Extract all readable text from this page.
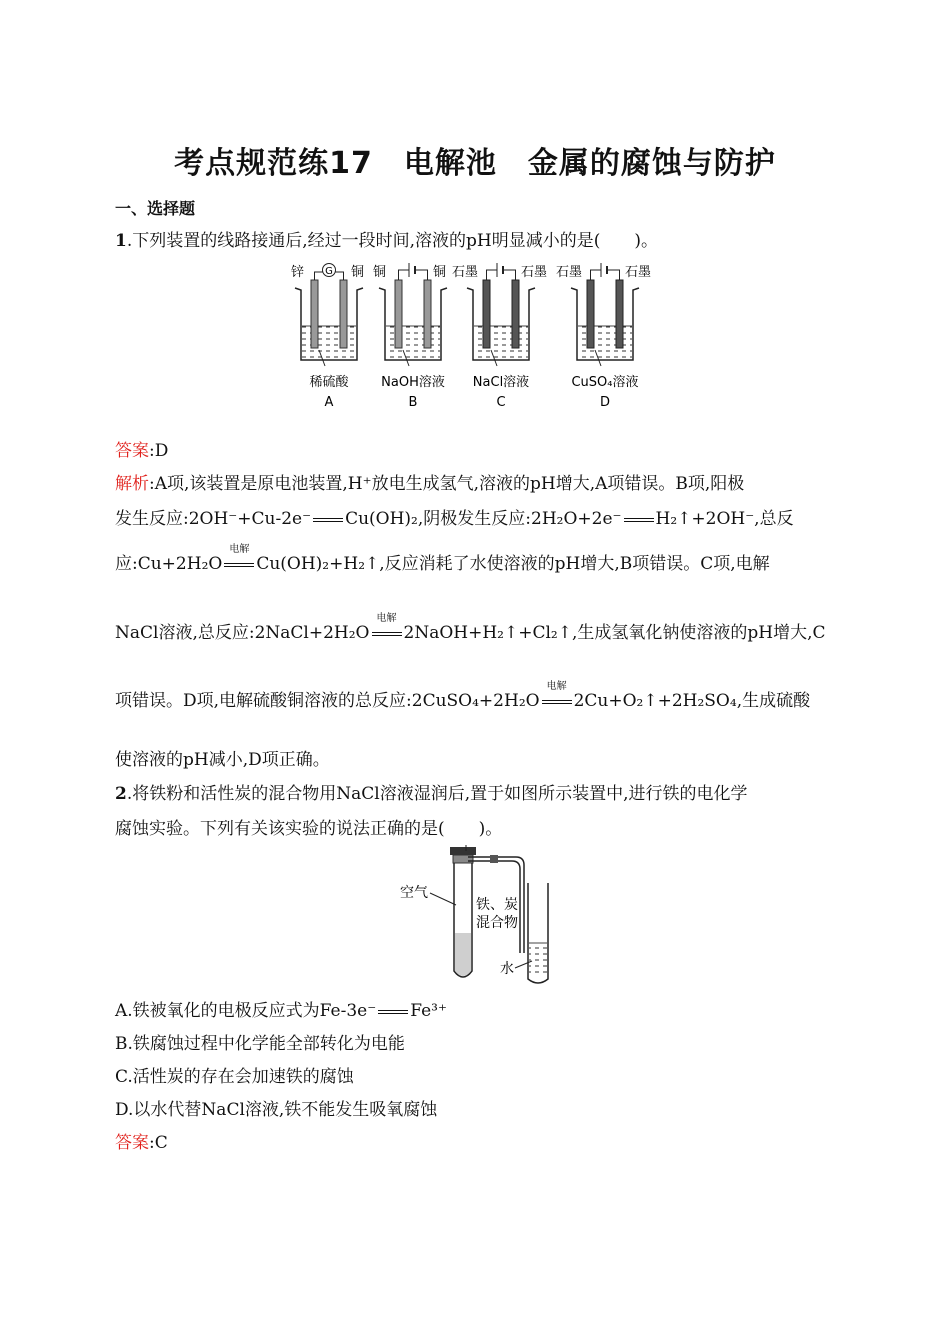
考点规范练17　电解池　金属的腐蚀与防护
一、选择题
1.下列装置的线路接通后,经过一段时间,溶液的pH明显减小的是(　　)。
G
锌	铜
稀硫酸
A
铜	铜
NaOH溶液
B
石墨	石墨
NaCl溶液
C
石墨	石墨
CuSO₄溶液
D
答案:D
解析:A项,该装置是原电池装置,H⁺放电生成氢气,溶液的pH增大,A项错误。B项,阳极
发生反应:2OH⁻+Cu-2e⁻ Cu(OH)₂,阴极发生反应:2H₂O+2e⁻ H₂↑+2OH⁻,总反
应:Cu+2H₂O
电解
Cu(OH)₂+H₂↑,反应消耗了水使溶液的pH增大,B项错误。C项,电解
NaCl溶液,总反应:2NaCl+2H₂O
电解
2NaOH+H₂↑+Cl₂↑,生成氢氧化钠使溶液的pH增大,C
项错误。D项,电解硫酸铜溶液的总反应:2CuSO₄+2H₂O
电解
2Cu+O₂↑+2H₂SO₄,生成硫酸
使溶液的pH减小,D项正确。
2.将铁粉和活性炭的混合物用NaCl溶液湿润后,置于如图所示装置中,进行铁的电化学
腐蚀实验。下列有关该实验的说法正确的是(　　)。
空气
铁、炭
混合物
水
A.铁被氧化的电极反应式为Fe-3e⁻ Fe³⁺
B.铁腐蚀过程中化学能全部转化为电能
C.活性炭的存在会加速铁的腐蚀
D.以水代替NaCl溶液,铁不能发生吸氧腐蚀
答案:C
